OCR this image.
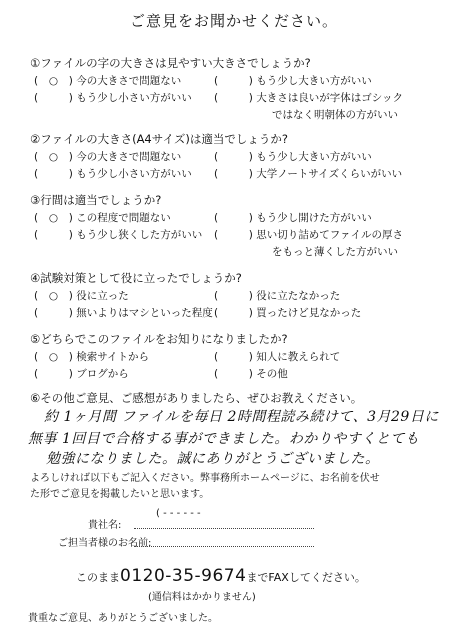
ご意見をお聞かせください。
①ファイルの字の大きさは見やすい大きさでしょうか?
( ○ ) 今の大きさで問題ない	(  ) もう少し大きい方がいい
(  ) もう少し小さい方がいい (  ) 大きさは良いが字体はゴシック
ではなく明朝体の方がいい
②ファイルの大きさ(A4サイズ)は適当でしょうか?
( ○ ) 今の大きさで問題ない	(  ) もう少し大きい方がいい
(  ) もう少し小さい方がいい (  ) 大学ノートサイズくらいがいい
③行間は適当でしょうか?
( ○ ) この程度で問題ない	(  ) もう少し開けた方がいい
(  ) もう少し狭くした方がいい (  ) 思い切り詰めてファイルの厚さ
をもっと薄くした方がいい
④試験対策として役に立ったでしょうか?
( ○ ) 役に立った	(  ) 役に立たなかった
(  ) 無いよりはマシといった程度 (  ) 買ったけど見なかった
⑤どちらでこのファイルをお知りになりましたか?
( ○ ) 検索サイトから	(  ) 知人に教えられて
(  ) ブログから	(  ) その他
⑥その他ご意見、ご感想がありましたら、ぜひお教えください。
約 1ヶ月間 ファイルを毎日 2時間程読み続けて、3月29日に
無事 1回目で合格する事ができました。わかりやすくとても
勉強になりました。誠にありがとうございました。
よろしければ以下もご記入ください。弊事務所ホームページに、お名前を伏せ
た形でご意見を掲載したいと思います。
貴社名:
( - - - - - -
ご担当者様のお名前:
このまま0120-35-9674までFAXしてください。
(通信料はかかりません)
貴重なご意見、ありがとうございました。
